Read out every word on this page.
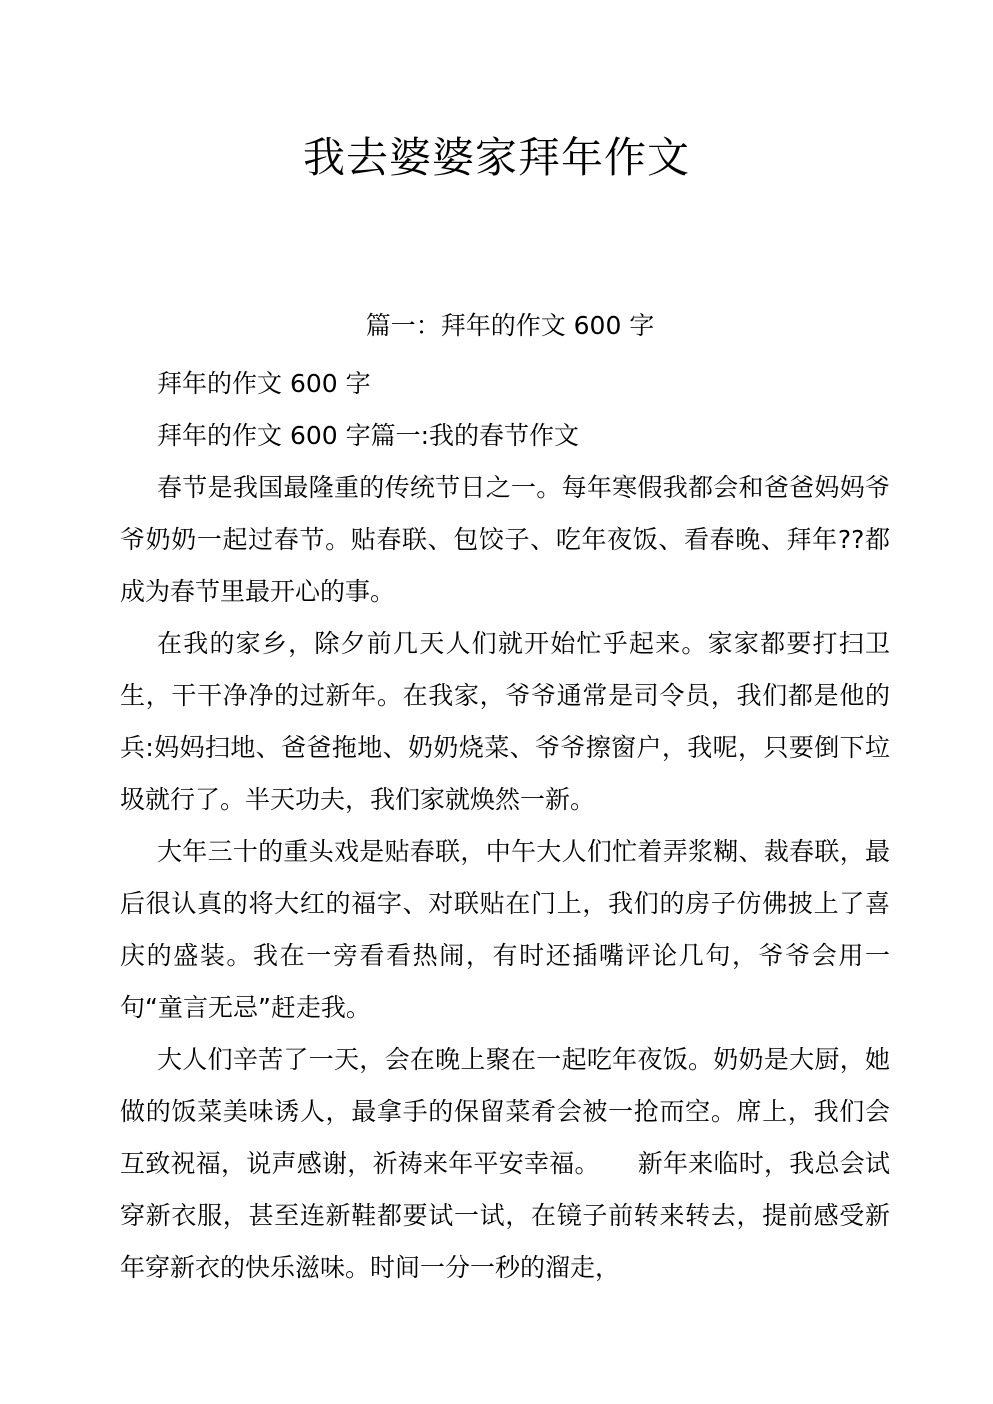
我去婆婆家拜年作文
篇一：拜年的作文 600 字

拜年的作文 600 字

拜年的作文 600 字篇一:我的春节作文

春节是我国最隆重的传统节日之一。每年寒假我都会和爸爸妈妈爷爷奶奶一起过春节。贴春联、包饺子、吃年夜饭、看春晚、拜年??都成为春节里最开心的事。

在我的家乡，除夕前几天人们就开始忙乎起来。家家都要打扫卫生，干干净净的过新年。在我家，爷爷通常是司令员，我们都是他的兵:妈妈扫地、爸爸拖地、奶奶烧菜、爷爷擦窗户，我呢，只要倒下垃圾就行了。半天功夫，我们家就焕然一新。

大年三十的重头戏是贴春联，中午大人们忙着弄浆糊、裁春联，最后很认真的将大红的福字、对联贴在门上，我们的房子仿佛披上了喜庆的盛装。我在一旁看看热闹，有时还插嘴评论几句，爷爷会用一句“童言无忌”赶走我。

大人们辛苦了一天，会在晚上聚在一起吃年夜饭。奶奶是大厨，她做的饭菜美味诱人，最拿手的保留菜肴会被一抢而空。席上，我们会互致祝福，说声感谢，祈祷来年平安幸福。　　新年来临时，我总会试穿新衣服，甚至连新鞋都要试一试，在镜子前转来转去，提前感受新年穿新衣的快乐滋味。时间一分一秒的溜走，
